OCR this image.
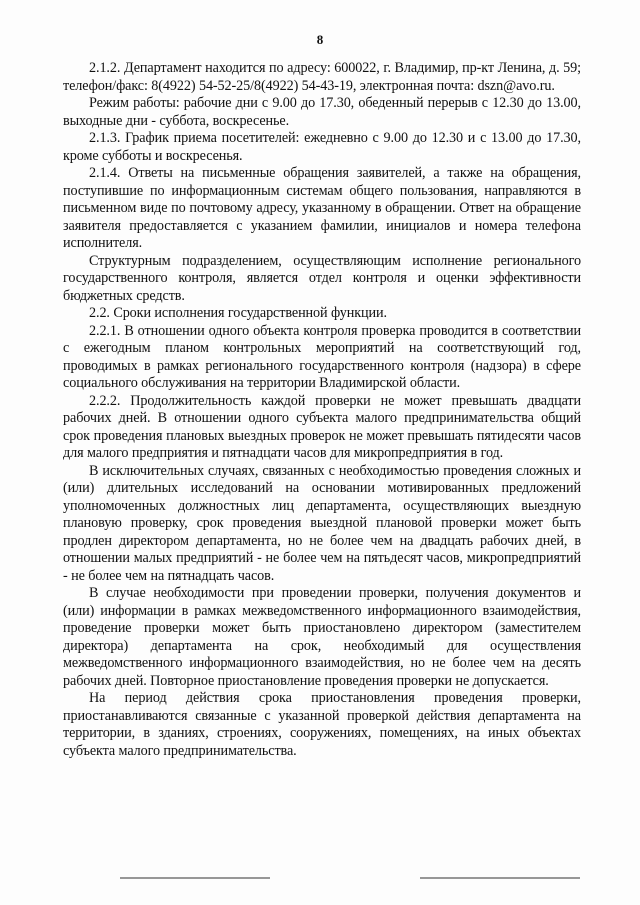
8

2.1.2. Департамент находится по адресу: 600022, г. Владимир, пр-кт Ленина, д. 59; телефон/факс: 8(4922) 54-52-25/8(4922) 54-43-19, электронная почта: dszn@avo.ru.

Режим работы: рабочие дни с 9.00 до 17.30, обеденный перерыв с 12.30 до 13.00, выходные дни - суббота, воскресенье.

2.1.3. График приема посетителей: ежедневно с 9.00 до 12.30 и с 13.00 до 17.30, кроме субботы и воскресенья.

2.1.4. Ответы на письменные обращения заявителей, а также на обращения, поступившие по информационным системам общего пользования, направляются в письменном виде по почтовому адресу, указанному в обращении. Ответ на обращение заявителя предоставляется с указанием фамилии, инициалов и номера телефона исполнителя.

Структурным подразделением, осуществляющим исполнение регионального государственного контроля, является отдел контроля и оценки эффективности бюджетных средств.

2.2. Сроки исполнения государственной функции.

2.2.1. В отношении одного объекта контроля проверка проводится в соответствии с ежегодным планом контрольных мероприятий на соответствующий год, проводимых в рамках регионального государственного контроля (надзора) в сфере социального обслуживания на территории Владимирской области.

2.2.2. Продолжительность каждой проверки не может превышать двадцати рабочих дней. В отношении одного субъекта малого предпринимательства общий срок проведения плановых выездных проверок не может превышать пятидесяти часов для малого предприятия и пятнадцати часов для микропредприятия в год.

В исключительных случаях, связанных с необходимостью проведения сложных и (или) длительных исследований на основании мотивированных предложений уполномоченных должностных лиц департамента, осуществляющих выездную плановую проверку, срок проведения выездной плановой проверки может быть продлен директором департамента, но не более чем на двадцать рабочих дней, в отношении малых предприятий - не более чем на пятьдесят часов, микропредприятий - не более чем на пятнадцать часов.

В случае необходимости при проведении проверки, получения документов и (или) информации в рамках межведомственного информационного взаимодействия, проведение проверки может быть приостановлено директором (заместителем директора) департамента на срок, необходимый для осуществления межведомственного информационного взаимодействия, но не более чем на десять рабочих дней. Повторное приостановление проведения проверки не допускается.

На период действия срока приостановления проведения проверки, приостанавливаются связанные с указанной проверкой действия департамента на территории, в зданиях, строениях, сооружениях, помещениях, на иных объектах субъекта малого предпринимательства.
